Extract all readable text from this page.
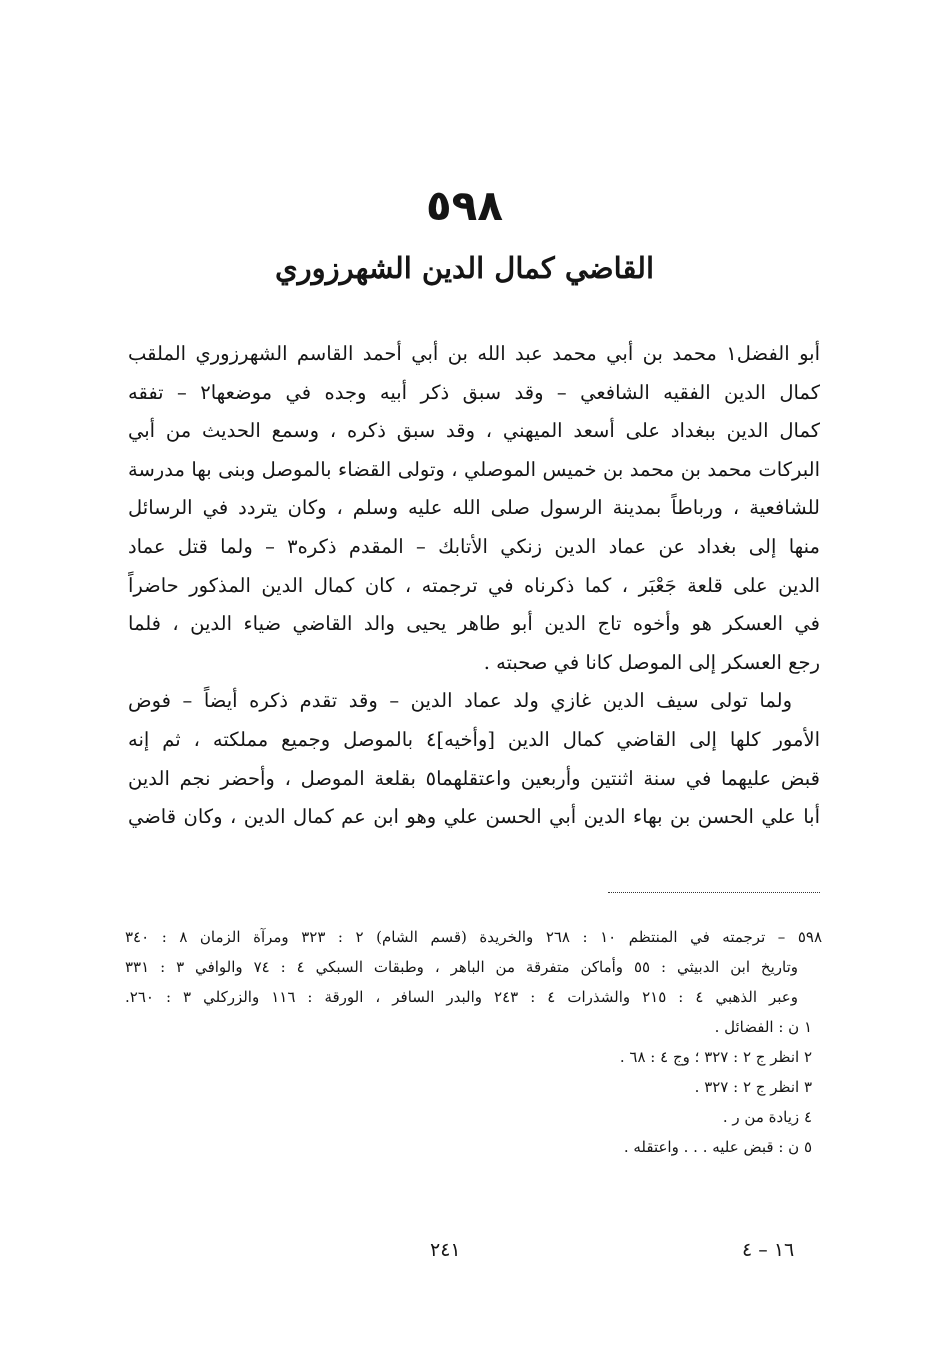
٥٩٨
القاضي كمال الدين الشهرزوري
أبو الفضل١ محمد بن أبي محمد عبد الله بن أبي أحمد القاسم الشهرزوري الملقب
كمال الدين الفقيه الشافعي – وقد سبق ذكر أبيه وجده في موضعها٢ – تفقه
كمال الدين ببغداد على أسعد الميهني ، وقد سبق ذكره ، وسمع الحديث من أبي
البركات محمد بن محمد بن خميس الموصلي ، وتولى القضاء بالموصل وبنى بها مدرسة
للشافعية ، ورباطاً بمدينة الرسول صلى الله عليه وسلم ، وكان يتردد في الرسائل
منها إلى بغداد عن عماد الدين زنكي الأتابك – المقدم ذكره٣ – ولما قتل عماد
الدين على قلعة جَعْبَر ، كما ذكرناه في ترجمته ، كان كمال الدين المذكور حاضراً
في العسكر هو وأخوه تاج الدين أبو طاهر يحيى والد القاضي ضياء الدين ، فلما
رجع العسكر إلى الموصل كانا في صحبته .
ولما تولى سيف الدين غازي ولد عماد الدين – وقد تقدم ذكره أيضاً – فوض
الأمور كلها إلى القاضي كمال الدين [وأخيه]٤ بالموصل وجميع مملكته ، ثم إنه
قبض عليهما في سنة اثنتين وأربعين واعتقلهما٥ بقلعة الموصل ، وأحضر نجم الدين
أبا علي الحسن بن بهاء الدين أبي الحسن علي وهو ابن عم كمال الدين ، وكان قاضي
٥٩٨ – ترجمته في المنتظم ١٠ : ٢٦٨ والخريدة (قسم الشام) ٢ : ٣٢٣ ومرآة الزمان ٨ : ٣٤٠
وتاريخ ابن الدبيثي : ٥٥ وأماكن متفرقة من الباهر ، وطبقات السبكي ٤ : ٧٤ والوافي ٣ : ٣٣١
وعبر الذهبي ٤ : ٢١٥ والشذرات ٤ : ٢٤٣ والبدر السافر ، الورقة : ١١٦ والزركلي ٣ : ٢٦٠.
١ ن : الفضائل .
٢ انظر ج ٢ : ٣٢٧ ؛ وج ٤ : ٦٨ .
٣ انظر ج ٢ : ٣٢٧ .
٤ زيادة من ر .
٥ ن : قبض عليه . . . واعتقله .
٢٤١	١٦ – ٤
